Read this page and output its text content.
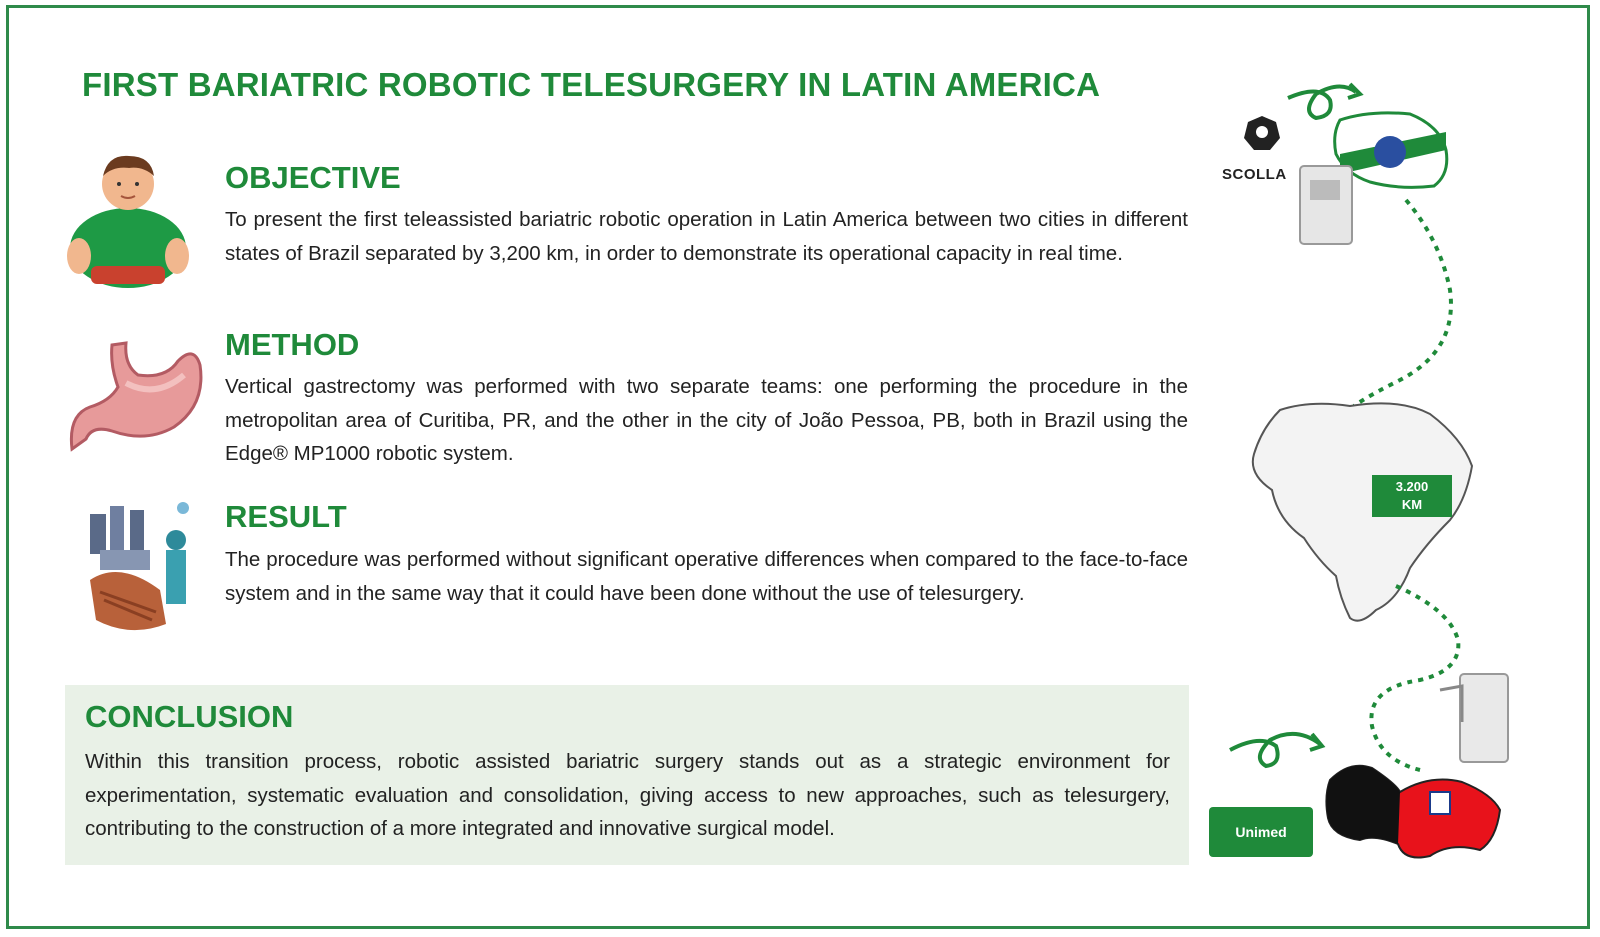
FIRST BARIATRIC ROBOTIC TELESURGERY IN LATIN AMERICA
OBJECTIVE
To present the first teleassisted bariatric robotic operation in Latin America between two cities in different states of Brazil separated by 3,200 km, in order to demonstrate its operational capacity in real time.
METHOD
Vertical gastrectomy was performed with two separate teams: one performing the procedure in the metropolitan area of Curitiba, PR, and the other in the city of João Pessoa, PB, both in Brazil using the Edge® MP1000 robotic system.
RESULT
The procedure was performed without significant operative differences when compared to the face-to-face system and in the same way that it could have been done without the use of telesurgery.
CONCLUSION
Within this transition process, robotic assisted bariatric surgery stands out as a strategic environment for experimentation, systematic evaluation and consolidation, giving access to new approaches, such as telesurgery, contributing to the construction of a more integrated and innovative surgical model.
SCOLLA
3.200
KM
Unimed
